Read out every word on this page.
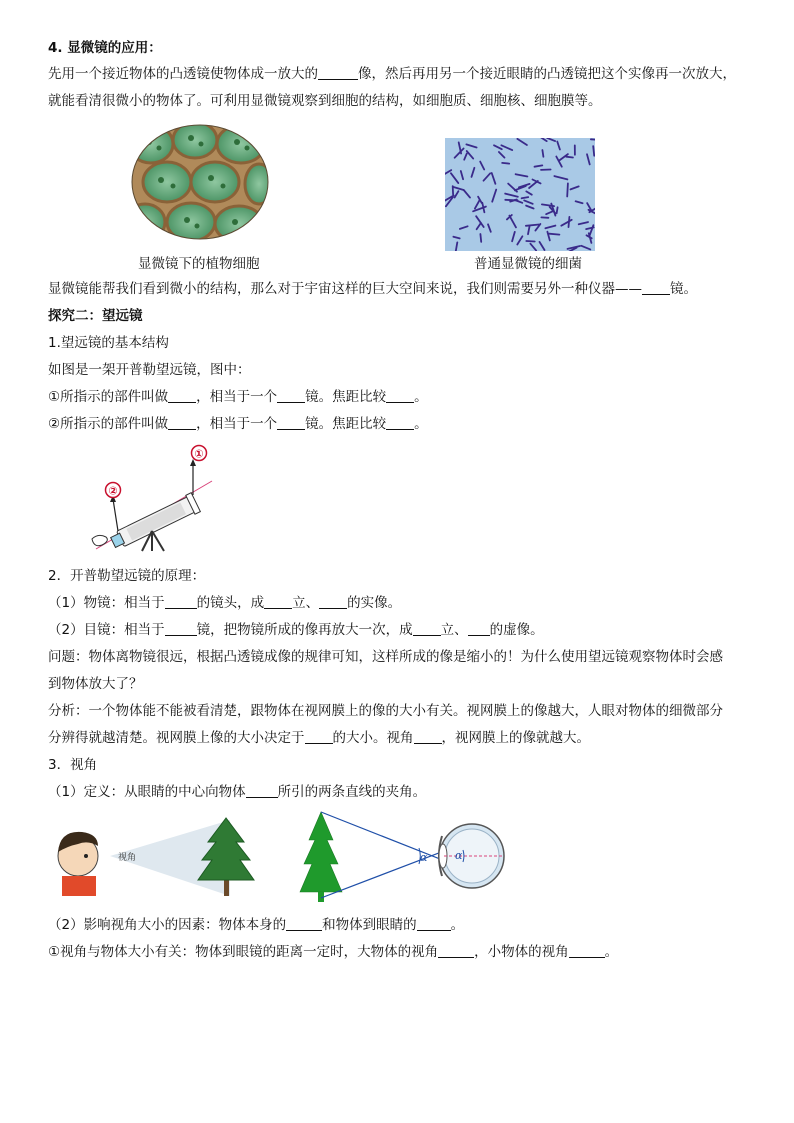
4. 显微镜的应用：
先用一个接近物体的凸透镜使物体成一放大的	像，然后再用另一个接近眼睛的凸透镜把这个实像再一次放大，
就能看清很微小的物体了。可利用显微镜观察到细胞的结构，如细胞质、细胞核、细胞膜等。
显微镜下的植物细胞	普通显微镜的细菌
显微镜能帮我们看到微小的结构，那么对于宇宙这样的巨大空间来说，我们则需要另外一种仪器—— 镜。
探究二：望远镜
1.望远镜的基本结构
如图是一架开普勒望远镜，图中：
①所指示的部件叫做 ，相当于一个 镜。焦距比较 。
②所指示的部件叫做 ，相当于一个 镜。焦距比较 。
①
②
2．开普勒望远镜的原理：
（1）物镜：相当于 的镜头，成 立、 的实像。
（2）目镜：相当于 镜，把物镜所成的像再放大一次，成 立、 的虚像。
问题：物体离物镜很远，根据凸透镜成像的规律可知，这样所成的像是缩小的！为什么使用望远镜观察物体时会感
到物体放大了？
分析：一个物体能不能被看清楚，跟物体在视网膜上的像的大小有关。视网膜上的像越大，人眼对物体的细微部分
分辨得就越清楚。视网膜上像的大小决定于 的大小。视角 ，视网膜上的像就越大。
3．视角
（1）定义：从眼睛的中心向物体 所引的两条直线的夹角。
视角	α	α
（2）影响视角大小的因素：物体本身的	和物体到眼睛的	。
①视角与物体大小有关：物体到眼镜的距离一定时，大物体的视角	，小物体的视角	。
